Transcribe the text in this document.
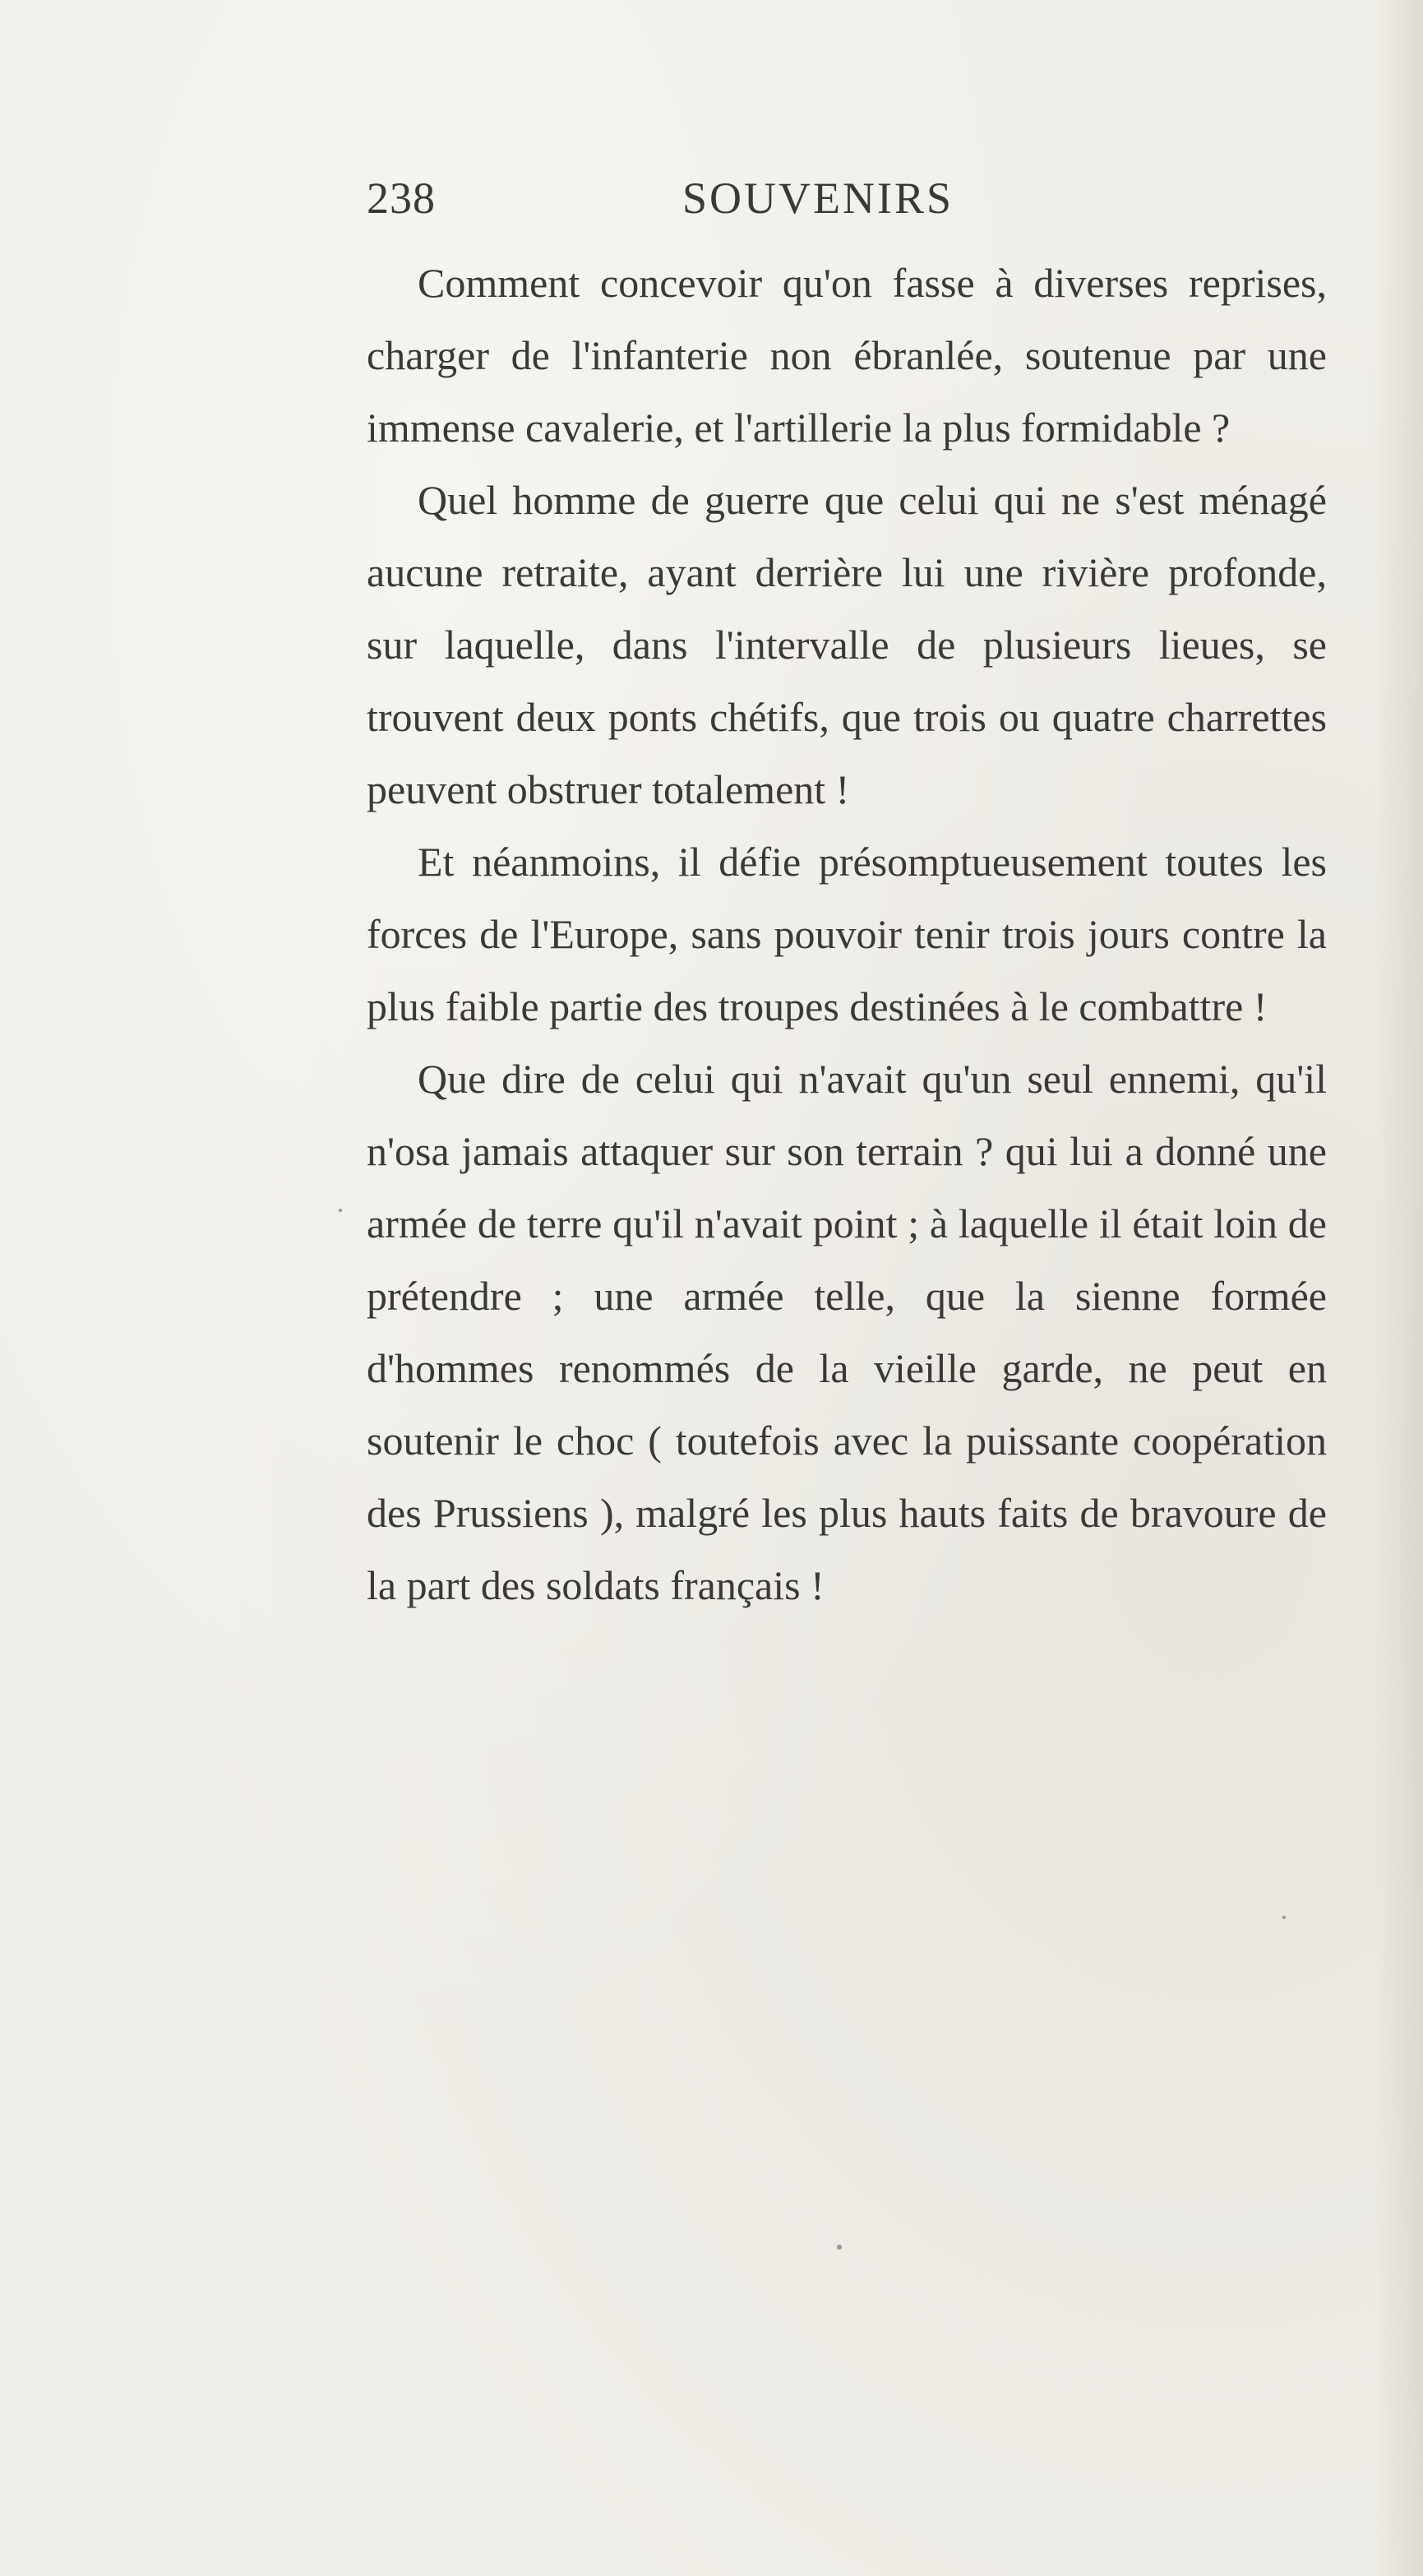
238	SOUVENIRS

Comment concevoir qu'on fasse à diverses reprises, charger de l'infanterie non ébranlée, soutenue par une immense cavalerie, et l'artillerie la plus formidable ?

Quel homme de guerre que celui qui ne s'est ménagé aucune retraite, ayant derrière lui une rivière profonde, sur laquelle, dans l'intervalle de plusieurs lieues, se trouvent deux ponts chétifs, que trois ou quatre charrettes peuvent obstruer totalement !

Et néanmoins, il défie présomptueusement toutes les forces de l'Europe, sans pouvoir tenir trois jours contre la plus faible partie des troupes destinées à le combattre !

Que dire de celui qui n'avait qu'un seul ennemi, qu'il n'osa jamais attaquer sur son terrain ? qui lui a donné une armée de terre qu'il n'avait point ; à laquelle il était loin de prétendre ; une armée telle, que la sienne formée d'hommes renommés de la vieille garde, ne peut en soutenir le choc ( toutefois avec la puissante coopération des Prussiens ), malgré les plus hauts faits de bravoure de la part des soldats français !
